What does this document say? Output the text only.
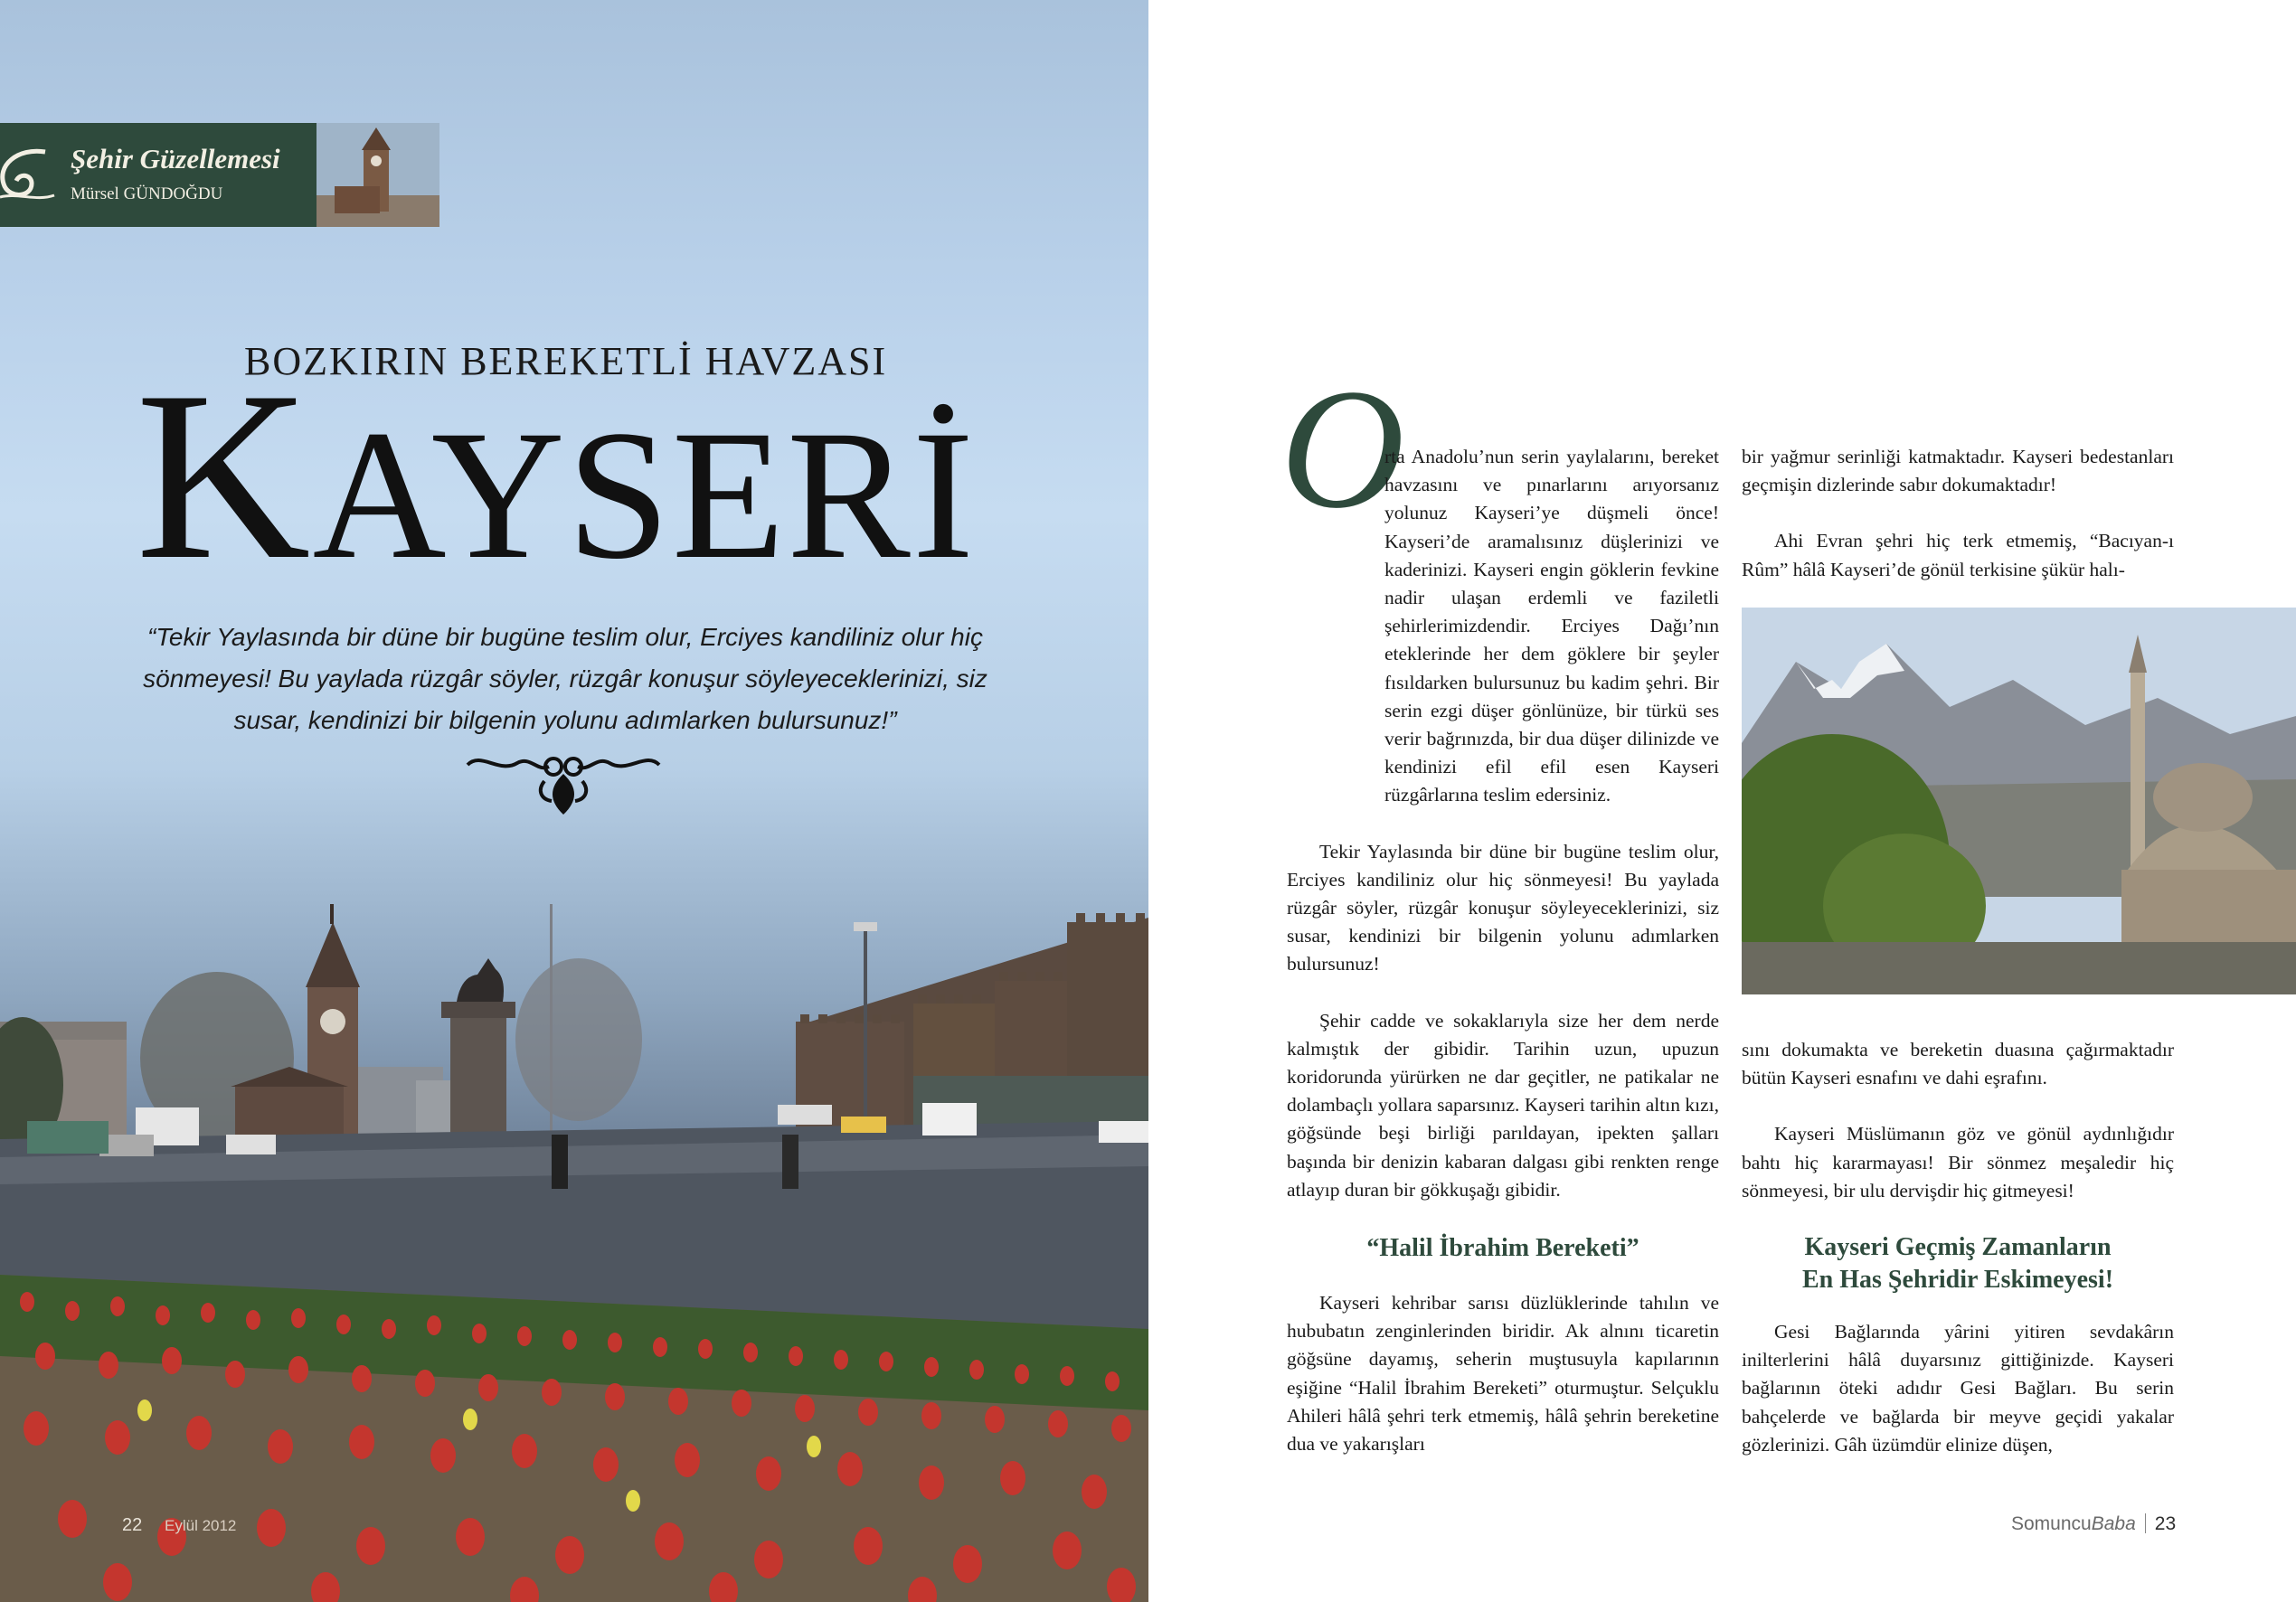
Şehir Güzellemesi
Mürsel GÜNDOĞDU
BOZKIRIN BEREKETLİ HAVZASI
KAYSERİ
“Tekir Yaylasında bir düne bir bugüne teslim olur, Erciyes kandiliniz olur hiç sönmeyesi! Bu yaylada rüzgâr söyler, rüzgâr konuşur söyleyeceklerinizi, siz susar, kendinizi bir bilgenin yolunu adımlarken bulursunuz!”
22 Eylül 2012
O

rta Anadolu’nun serin yaylalarını, bereket havzasını ve pınarlarını arıyorsanız yolunuz Kayseri’ye düşmeli önce! Kayseri’de aramalısınız düşlerinizi ve kaderinizi. Kayseri engin göklerin fevkine nadir ulaşan erdemli ve faziletli şehirlerimizdendir. Erciyes Dağı’nın eteklerinde her dem göklere bir şeyler fısıldarken bulursunuz bu kadim şehri. Bir serin ezgi düşer gönlünüze, bir türkü ses verir bağrınızda, bir dua düşer dilinizde ve kendinizi efil efil esen Kayseri rüzgârlarına teslim edersiniz.

Tekir Yaylasında bir düne bir bugüne teslim olur, Erciyes kandiliniz olur hiç sönmeyesi! Bu yaylada rüzgâr söyler, rüzgâr konuşur söyleyeceklerinizi, siz susar, kendinizi bir bilgenin yolunu adımlarken bulursunuz!

Şehir cadde ve sokaklarıyla size her dem nerde kalmıştık der gibidir. Tarihin uzun, upuzun koridorunda yürürken ne dar geçitler, ne patikalar ne dolambaçlı yollara saparsınız. Kayseri tarihin altın kızı, göğsünde beşi birliği parıldayan, ipekten şalları başında bir denizin kabaran dalgası gibi renkten renge atlayıp duran bir gökkuşağı gibidir.

“Halil İbrahim Bereketi”

Kayseri kehribar sarısı düzlüklerinde tahılın ve hububatın zenginlerinden biridir. Ak alnını ticaretin göğsüne dayamış, seherin muştusuyla kapılarının eşiğine “Halil İbrahim Bereketi” oturmuştur. Selçuklu Ahileri hâlâ şehri terk etmemiş, hâlâ şehrin bereketine dua ve yakarışları

bir yağmur serinliği katmaktadır. Kayseri bedestanları geçmişin dizlerinde sabır dokumaktadır!

Ahi Evran şehri hiç terk etmemiş, “Bacıyan-ı Rûm” hâlâ Kayseri’de gönül terkisine şükür halı-

sını dokumakta ve bereketin duasına çağırmaktadır bütün Kayseri esnafını ve dahi eşrafını.

Kayseri Müslümanın göz ve gönül aydınlığıdır bahtı hiç kararmayası! Bir sönmez meşaledir hiç sönmeyesi, bir ulu dervişdir hiç gitmeyesi!

Kayseri Geçmiş Zamanların
En Has Şehridir Eskimeyesi!

Gesi Bağlarında yârini yitiren sevdakârın inilterlerini hâlâ duyarsınız gittiğinizde. Kayseri bağlarının öteki adıdır Gesi Bağları. Bu serin bahçelerde ve bağlarda bir meyve geçidi yakalar gözlerinizi. Gâh üzümdür elinize düşen,

SomuncuBaba 23
